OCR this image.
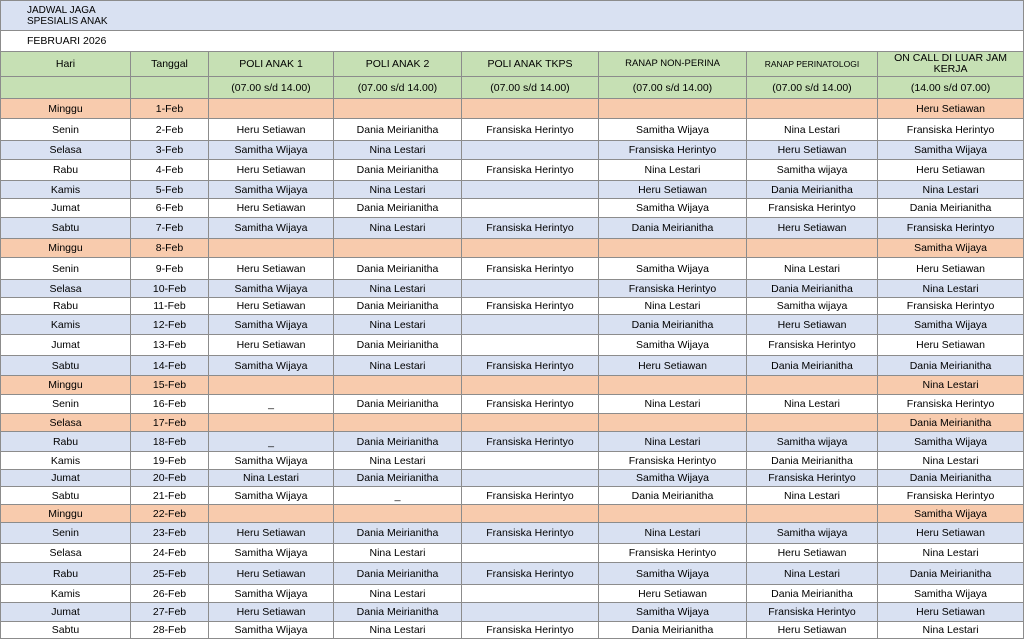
JADWAL JAGA
SPESIALIS ANAK							

FEBRUARI 2026							
Hari	Tanggal	POLI ANAK 1	POLI ANAK 2	POLI ANAK TKPS	RANAP NON-PERINA	RANAP PERINATOLOGI	ON CALL DI LUAR JAM KERJA
		(07.00 s/d 14.00)	(07.00 s/d 14.00)	(07.00 s/d 14.00)	(07.00 s/d 14.00)	(07.00 s/d 14.00)	(14.00 s/d 07.00)
Minggu	1-Feb						Heru Setiawan
Senin	2-Feb	Heru Setiawan	Dania Meirianitha	Fransiska Herintyo	Samitha Wijaya	Nina Lestari	Fransiska Herintyo
Selasa	3-Feb	Samitha Wijaya	Nina Lestari		Fransiska Herintyo	Heru Setiawan	Samitha Wijaya
Rabu	4-Feb	Heru Setiawan	Dania Meirianitha	Fransiska Herintyo	Nina Lestari	Samitha wijaya	Heru Setiawan
Kamis	5-Feb	Samitha Wijaya	Nina Lestari		Heru Setiawan	Dania Meirianitha	Nina Lestari
Jumat	6-Feb	Heru Setiawan	Dania Meirianitha		Samitha Wijaya	Fransiska Herintyo	Dania Meirianitha
Sabtu	7-Feb	Samitha Wijaya	Nina Lestari	Fransiska Herintyo	Dania Meirianitha	Heru Setiawan	Fransiska Herintyo
Minggu	8-Feb						Samitha Wijaya
Senin	9-Feb	Heru Setiawan	Dania Meirianitha	Fransiska Herintyo	Samitha Wijaya	Nina Lestari	Heru Setiawan
Selasa	10-Feb	Samitha Wijaya	Nina Lestari		Fransiska Herintyo	Dania Meirianitha	Nina Lestari
Rabu	11-Feb	Heru Setiawan	Dania Meirianitha	Fransiska Herintyo	Nina Lestari	Samitha wijaya	Fransiska Herintyo
Kamis	12-Feb	Samitha Wijaya	Nina Lestari		Dania Meirianitha	Heru Setiawan	Samitha Wijaya
Jumat	13-Feb	Heru Setiawan	Dania Meirianitha		Samitha Wijaya	Fransiska Herintyo	Heru Setiawan
Sabtu	14-Feb	Samitha Wijaya	Nina Lestari	Fransiska Herintyo	Heru Setiawan	Dania Meirianitha	Dania Meirianitha
Minggu	15-Feb						Nina Lestari
Senin	16-Feb	_	Dania Meirianitha	Fransiska Herintyo	Nina Lestari	Nina Lestari	Fransiska Herintyo
Selasa	17-Feb						Dania Meirianitha
Rabu	18-Feb	_	Dania Meirianitha	Fransiska Herintyo	Nina Lestari	Samitha wijaya	Samitha Wijaya
Kamis	19-Feb	Samitha Wijaya	Nina Lestari		Fransiska Herintyo	Dania Meirianitha	Nina Lestari
Jumat	20-Feb	Nina Lestari	Dania Meirianitha		Samitha Wijaya	Fransiska Herintyo	Dania Meirianitha
Sabtu	21-Feb	Samitha Wijaya	_	Fransiska Herintyo	Dania Meirianitha	Nina Lestari	Fransiska Herintyo
Minggu	22-Feb						Samitha Wijaya
Senin	23-Feb	Heru Setiawan	Dania Meirianitha	Fransiska Herintyo	Nina Lestari	Samitha wijaya	Heru Setiawan
Selasa	24-Feb	Samitha Wijaya	Nina Lestari		Fransiska Herintyo	Heru Setiawan	Nina Lestari
Rabu	25-Feb	Heru Setiawan	Dania Meirianitha	Fransiska Herintyo	Samitha Wijaya	Nina Lestari	Dania Meirianitha
Kamis	26-Feb	Samitha Wijaya	Nina Lestari		Heru Setiawan	Dania Meirianitha	Samitha Wijaya
Jumat	27-Feb	Heru Setiawan	Dania Meirianitha		Samitha Wijaya	Fransiska Herintyo	Heru Setiawan
Sabtu	28-Feb	Samitha Wijaya	Nina Lestari	Fransiska Herintyo	Dania Meirianitha	Heru Setiawan	Nina Lestari
